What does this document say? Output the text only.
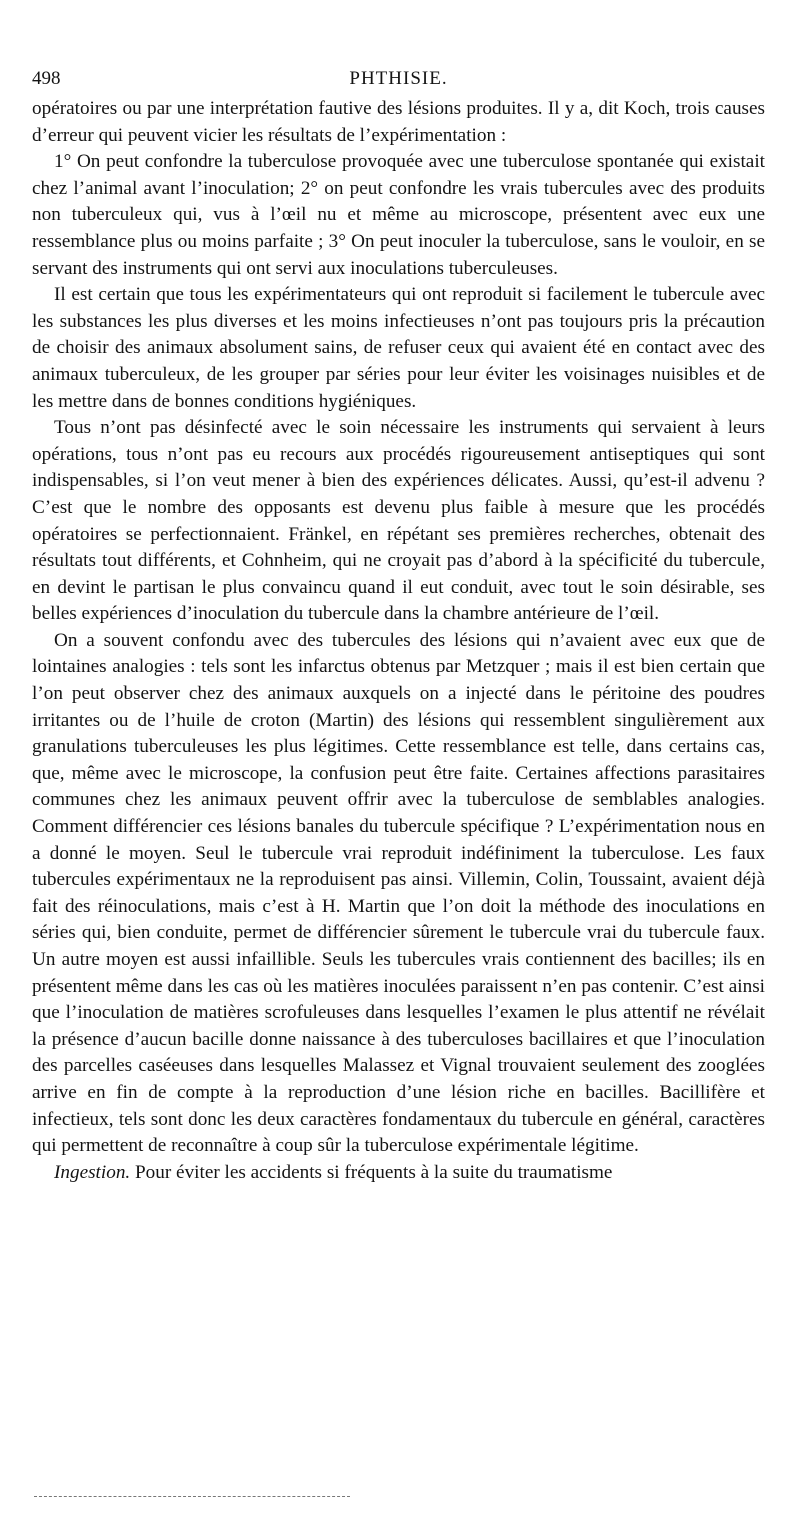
498	PHTHISIE.

opératoires ou par une interprétation fautive des lésions produites. Il y a, dit Koch, trois causes d’erreur qui peuvent vicier les résultats de l’expérimentation :

1° On peut confondre la tuberculose provoquée avec une tuberculose spontanée qui existait chez l’animal avant l’inoculation; 2° on peut confondre les vrais tubercules avec des produits non tuberculeux qui, vus à l’œil nu et même au microscope, présentent avec eux une ressemblance plus ou moins parfaite ; 3° On peut inoculer la tuberculose, sans le vouloir, en se servant des instruments qui ont servi aux inoculations tuberculeuses.

Il est certain que tous les expérimentateurs qui ont reproduit si facilement le tubercule avec les substances les plus diverses et les moins infectieuses n’ont pas toujours pris la précaution de choisir des animaux absolument sains, de refuser ceux qui avaient été en contact avec des animaux tuberculeux, de les grouper par séries pour leur éviter les voisinages nuisibles et de les mettre dans de bonnes conditions hygiéniques.

Tous n’ont pas désinfecté avec le soin nécessaire les instruments qui servaient à leurs opérations, tous n’ont pas eu recours aux procédés rigoureusement antiseptiques qui sont indispensables, si l’on veut mener à bien des expériences délicates. Aussi, qu’est-il advenu ? C’est que le nombre des opposants est devenu plus faible à mesure que les procédés opératoires se perfectionnaient. Fränkel, en répétant ses premières recherches, obtenait des résultats tout différents, et Cohnheim, qui ne croyait pas d’abord à la spécificité du tubercule, en devint le partisan le plus convaincu quand il eut conduit, avec tout le soin désirable, ses belles expériences d’inoculation du tubercule dans la chambre antérieure de l’œil.

On a souvent confondu avec des tubercules des lésions qui n’avaient avec eux que de lointaines analogies : tels sont les infarctus obtenus par Metzquer ; mais il est bien certain que l’on peut observer chez des animaux auxquels on a injecté dans le péritoine des poudres irritantes ou de l’huile de croton (Martin) des lésions qui ressemblent singulièrement aux granulations tuberculeuses les plus légitimes. Cette ressemblance est telle, dans certains cas, que, même avec le microscope, la confusion peut être faite. Certaines affections parasitaires communes chez les animaux peuvent offrir avec la tuberculose de semblables analogies. Comment différencier ces lésions banales du tubercule spécifique ? L’expérimentation nous en a donné le moyen. Seul le tubercule vrai reproduit indéfiniment la tuberculose. Les faux tubercules expérimentaux ne la reproduisent pas ainsi. Villemin, Colin, Toussaint, avaient déjà fait des réinoculations, mais c’est à H. Martin que l’on doit la méthode des inoculations en séries qui, bien conduite, permet de différencier sûrement le tubercule vrai du tubercule faux. Un autre moyen est aussi infaillible. Seuls les tubercules vrais contiennent des bacilles; ils en présentent même dans les cas où les matières inoculées paraissent n’en pas contenir. C’est ainsi que l’inoculation de matières scrofuleuses dans lesquelles l’examen le plus attentif ne révélait la présence d’aucun bacille donne naissance à des tuberculoses bacillaires et que l’inoculation des parcelles caséeuses dans lesquelles Malassez et Vignal trouvaient seulement des zooglées arrive en fin de compte à la reproduction d’une lésion riche en bacilles. Bacillifère et infectieux, tels sont donc les deux caractères fondamentaux du tubercule en général, caractères qui permettent de reconnaître à coup sûr la tuberculose expérimentale légitime.

Ingestion. Pour éviter les accidents si fréquents à la suite du traumatisme
